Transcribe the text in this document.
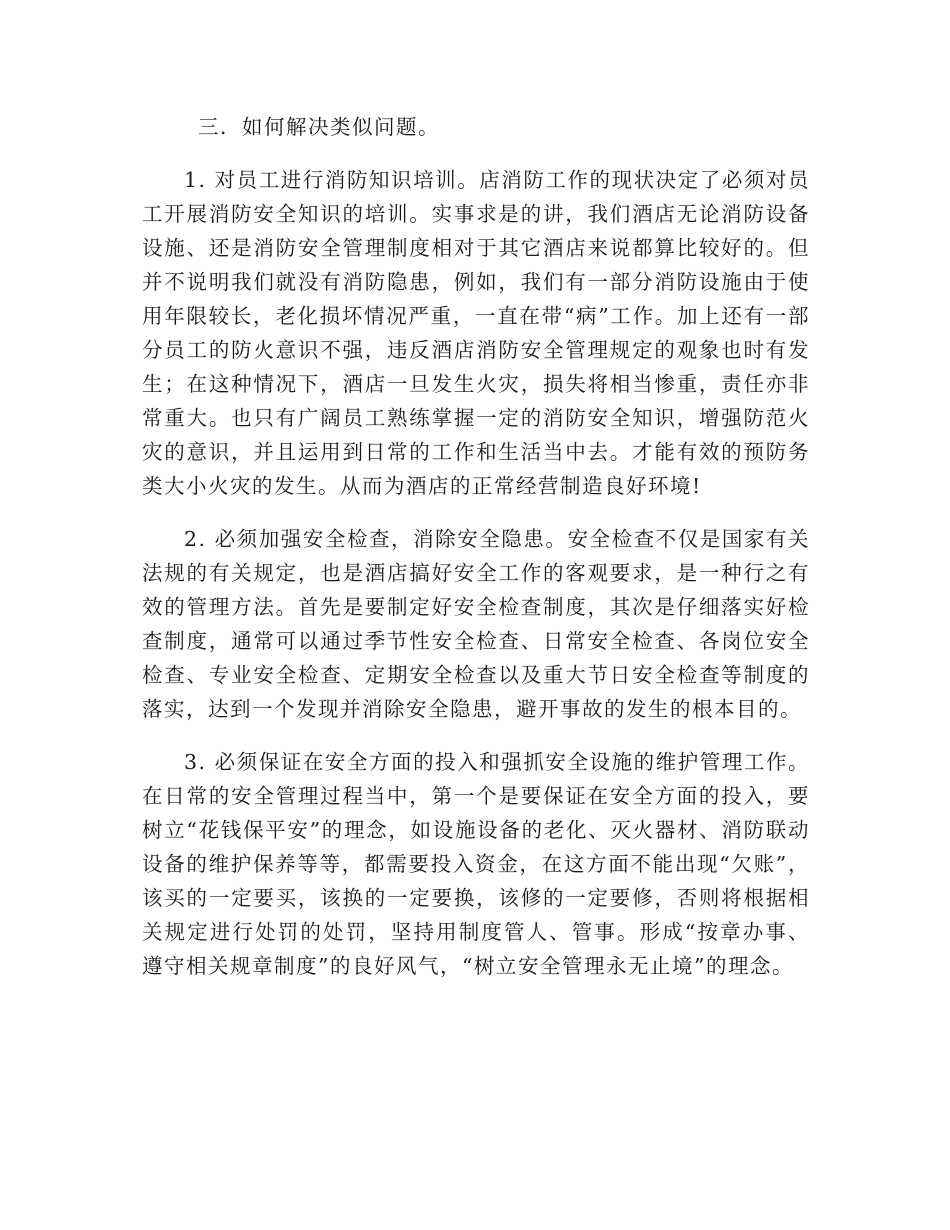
三．如何解决类似问题。

1. 对员工进行消防知识培训。店消防工作的现状决定了必须对员工开展消防安全知识的培训。实事求是的讲，我们酒店无论消防设备设施、还是消防安全管理制度相对于其它酒店来说都算比较好的。但并不说明我们就没有消防隐患，例如，我们有一部分消防设施由于使用年限较长，老化损坏情况严重，一直在带“病”工作。加上还有一部分员工的防火意识不强，违反酒店消防安全管理规定的观象也时有发生；在这种情况下，酒店一旦发生火灾，损失将相当惨重，责任亦非常重大。也只有广阔员工熟练掌握一定的消防安全知识，增强防范火灾的意识，并且运用到日常的工作和生活当中去。才能有效的预防务类大小火灾的发生。从而为酒店的正常经营制造良好环境!

2. 必须加强安全检查，消除安全隐患。安全检查不仅是国家有关法规的有关规定，也是酒店搞好安全工作的客观要求，是一种行之有效的管理方法。首先是要制定好安全检查制度，其次是仔细落实好检查制度，通常可以通过季节性安全检查、日常安全检查、各岗位安全检查、专业安全检查、定期安全检查以及重大节日安全检查等制度的落实，达到一个发现并消除安全隐患，避开事故的发生的根本目的。

3. 必须保证在安全方面的投入和强抓安全设施的维护管理工作。在日常的安全管理过程当中，第一个是要保证在安全方面的投入，要树立“花钱保平安”的理念，如设施设备的老化、灭火器材、消防联动设备的维护保养等等，都需要投入资金，在这方面不能出现“欠账”，该买的一定要买，该换的一定要换，该修的一定要修，否则将根据相关规定进行处罚的处罚，坚持用制度管人、管事。形成“按章办事、遵守相关规章制度”的良好风气，“树立安全管理永无止境”的理念。
